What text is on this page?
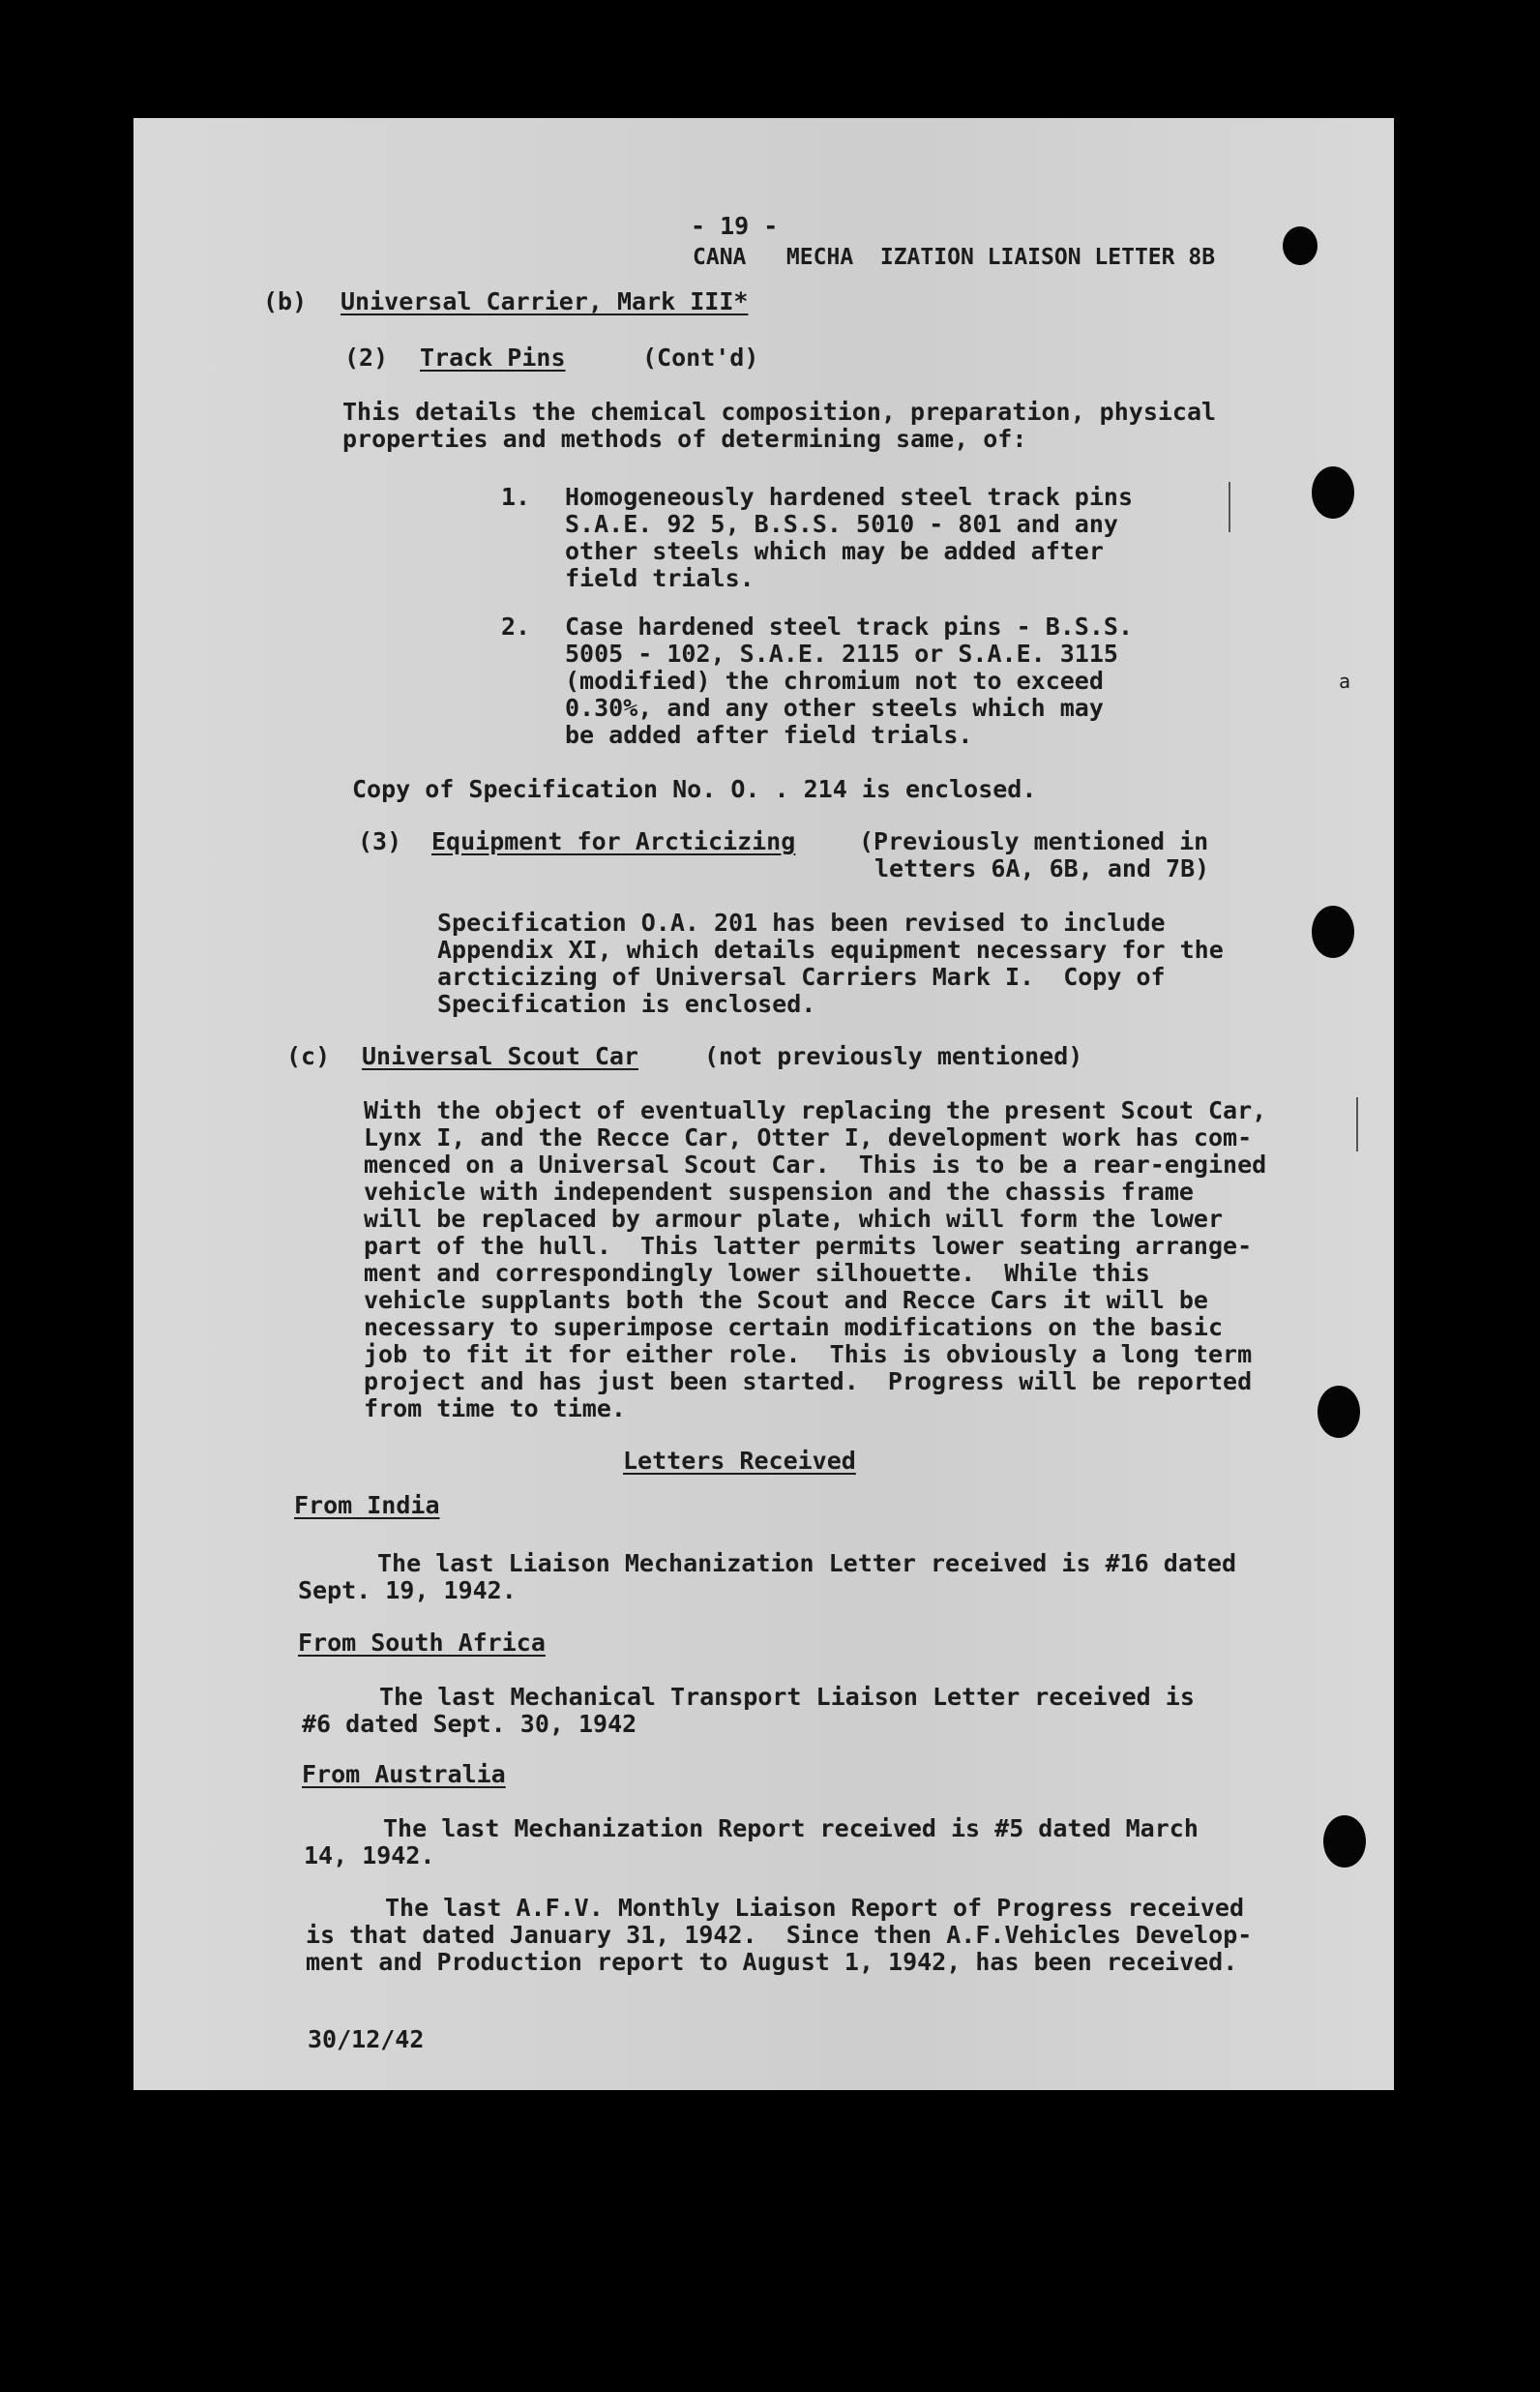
- 19 -
CANA   MECHA  IZATION LIAISON LETTER 8B
(b) Universal Carrier, Mark III*
(2) Track Pins	(Cont'd)
This details the chemical composition, preparation, physical
properties and methods of determining same, of:
1. Homogeneously hardened steel track pins
S.A.E. 92 5, B.S.S. 5010 - 801 and any
other steels which may be added after
field trials.
2. Case hardened steel track pins - B.S.S.
5005 - 102, S.A.E. 2115 or S.A.E. 3115
(modified) the chromium not to exceed
0.30%, and any other steels which may
be added after field trials.
a
Copy of Specification No. O. . 214 is enclosed.
(3) Equipment for Arcticizing	(Previously mentioned in
letters 6A, 6B, and 7B)
Specification O.A. 201 has been revised to include
Appendix XI, which details equipment necessary for the
arcticizing of Universal Carriers Mark I.  Copy of
Specification is enclosed.
(c) Universal Scout Car	(not previously mentioned)
With the object of eventually replacing the present Scout Car,
Lynx I, and the Recce Car, Otter I, development work has com-
menced on a Universal Scout Car.  This is to be a rear-engined
vehicle with independent suspension and the chassis frame
will be replaced by armour plate, which will form the lower
part of the hull.  This latter permits lower seating arrange-
ment and correspondingly lower silhouette.  While this
vehicle supplants both the Scout and Recce Cars it will be
necessary to superimpose certain modifications on the basic
job to fit it for either role.  This is obviously a long term
project and has just been started.  Progress will be reported
from time to time.
Letters Received
From India
The last Liaison Mechanization Letter received is #16 dated
Sept. 19, 1942.
From South Africa
The last Mechanical Transport Liaison Letter received is
#6 dated Sept. 30, 1942
From Australia
The last Mechanization Report received is #5 dated March
14, 1942.
The last A.F.V. Monthly Liaison Report of Progress received
is that dated January 31, 1942.  Since then A.F.Vehicles Develop-
ment and Production report to August 1, 1942, has been received.
30/12/42
